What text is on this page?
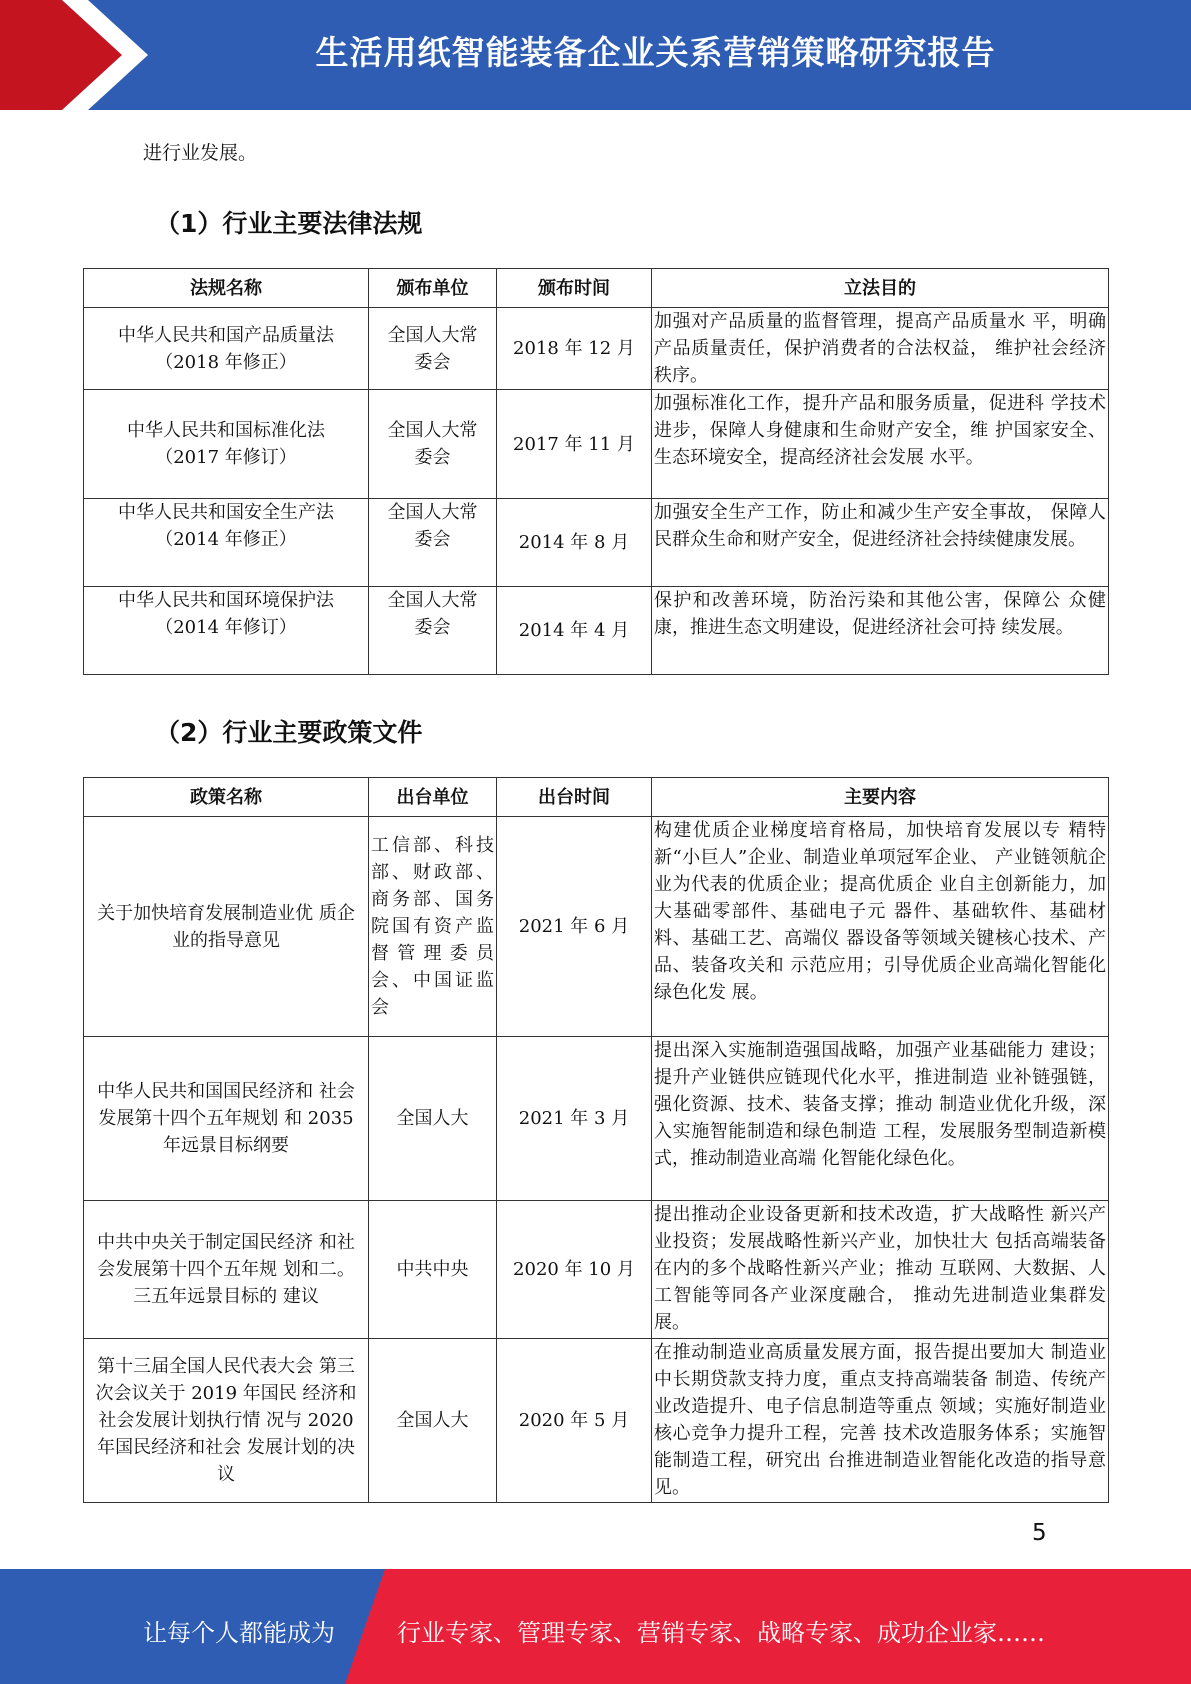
生活用纸智能装备企业关系营销策略研究报告
进行业发展。
（1）行业主要法律法规
法规名称	颁布单位	颁布时间	立法目的
中华人民共和国产品质量法（2018 年修正）	全国人大常委会	2018 年 12 月	加强对产品质量的监督管理，提高产品质量水 平，明确产品质量责任，保护消费者的合法权益， 维护社会经济秩序。
中华人民共和国标准化法（2017 年修订）	全国人大常委会	2017 年 11 月	加强标准化工作，提升产品和服务质量，促进科 学技术进步，保障人身健康和生命财产安全，维 护国家安全、生态环境安全，提高经济社会发展 水平。
中华人民共和国安全生产法（2014 年修正）	全国人大常委会	2014 年 8 月	加强安全生产工作，防止和减少生产安全事故， 保障人民群众生命和财产安全，促进经济社会持续健康发展。
中华人民共和国环境保护法（2014 年修订）	全国人大常委会	2014 年 4 月	保护和改善环境，防治污染和其他公害，保障公 众健康，推进生态文明建设，促进经济社会可持 续发展。
（2）行业主要政策文件
政策名称	出台单位	出台时间	主要内容
关于加快培育发展制造业优 质企业的指导意见	工信部、科技部、财政部、商务部、国务院国有资产监督管理委员会、中国证监会	2021 年 6 月	构建优质企业梯度培育格局，加快培育发展以专 精特新“小巨人”企业、制造业单项冠军企业、 产业链领航企业为代表的优质企业；提高优质企 业自主创新能力，加大基础零部件、基础电子元 器件、基础软件、基础材料、基础工艺、高端仪 器设备等领域关键核心技术、产品、装备攻关和 示范应用；引导优质企业高端化智能化绿色化发 展。
中华人民共和国国民经济和 社会发展第十四个五年规划 和 2035 年远景目标纲要	全国人大	2021 年 3 月	提出深入实施制造强国战略，加强产业基础能力 建设；提升产业链供应链现代化水平，推进制造 业补链强链，强化资源、技术、装备支撑；推动 制造业优化升级，深入实施智能制造和绿色制造 工程，发展服务型制造新模式，推动制造业高端 化智能化绿色化。
中共中央关于制定国民经济 和社会发展第十四个五年规 划和二。三五年远景目标的 建议	中共中央	2020 年 10 月	提出推动企业设备更新和技术改造，扩大战略性 新兴产业投资；发展战略性新兴产业，加快壮大 包括高端装备在内的多个战略性新兴产业；推动 互联网、大数据、人工智能等同各产业深度融合， 推动先进制造业集群发展。
第十三届全国人民代表大会 第三次会议关于 2019 年国民 经济和社会发展计划执行情 况与 2020 年国民经济和社会 发展计划的决议	全国人大	2020 年 5 月	在推动制造业高质量发展方面，报告提出要加大 制造业中长期贷款支持力度，重点支持高端装备 制造、传统产业改造提升、电子信息制造等重点 领域；实施好制造业核心竞争力提升工程，完善 技术改造服务体系；实施智能制造工程，研究出 台推进制造业智能化改造的指导意见。
5
让每个人都能成为	行业专家、管理专家、营销专家、战略专家、成功企业家……
